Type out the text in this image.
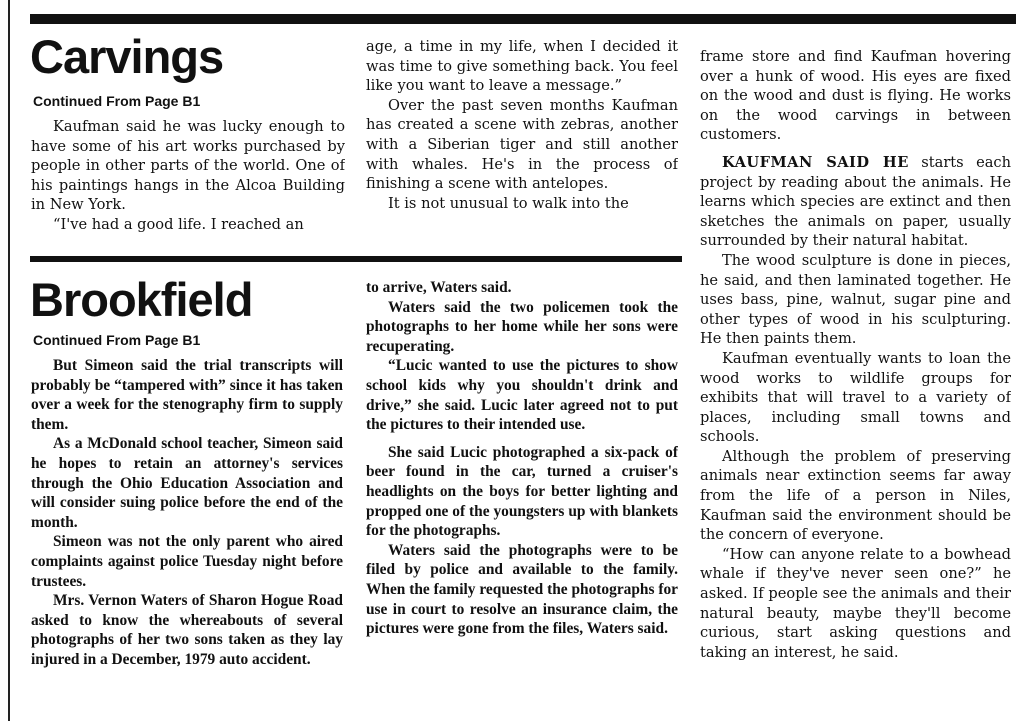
Carvings

Continued From Page B1

Kaufman said he was lucky enough to have some of his art works purchased by people in other parts of the world. One of his paintings hangs in the Alcoa Building in New York.

“I've had a good life. I reached an

age, a time in my life, when I decided it was time to give something back. You feel like you want to leave a message.”

Over the past seven months Kaufman has created a scene with zebras, another with a Siberian tiger and still another with whales. He's in the process of finishing a scene with antelopes.

It is not unusual to walk into the

frame store and find Kaufman hovering over a hunk of wood. His eyes are fixed on the wood and dust is flying. He works on the wood carvings in between customers.

KAUFMAN SAID HE starts each project by reading about the animals. He learns which species are extinct and then sketches the animals on paper, usually surrounded by their natural habitat.

The wood sculpture is done in pieces, he said, and then laminated together. He uses bass, pine, walnut, sugar pine and other types of wood in his sculpturing. He then paints them.

Kaufman eventually wants to loan the wood works to wildlife groups for exhibits that will travel to a variety of places, including small towns and schools.

Although the problem of preserving animals near extinction seems far away from the life of a person in Niles, Kaufman said the environment should be the concern of everyone.

“How can anyone relate to a bowhead whale if they've never seen one?” he asked. If people see the animals and their natural beauty, maybe they'll become curious, start asking questions and taking an interest, he said.

Brookfield

Continued From Page B1

But Simeon said the trial transcripts will probably be “tampered with” since it has taken over a week for the stenography firm to supply them.

As a McDonald school teacher, Simeon said he hopes to retain an attorney's services through the Ohio Education Association and will consider suing police before the end of the month.

Simeon was not the only parent who aired complaints against police Tuesday night before trustees.

Mrs. Vernon Waters of Sharon Hogue Road asked to know the whereabouts of several photographs of her two sons taken as they lay injured in a December, 1979 auto accident.

to arrive, Waters said.

Waters said the two policemen took the photographs to her home while her sons were recuperating.

“Lucic wanted to use the pictures to show school kids why you shouldn't drink and drive,” she said. Lucic later agreed not to put the pictures to their intended use.

She said Lucic photographed a six-pack of beer found in the car, turned a cruiser's headlights on the boys for better lighting and propped one of the youngsters up with blankets for the photographs.

Waters said the photographs were to be filed by police and available to the family. When the family requested the photographs for use in court to resolve an insurance claim, the pictures were gone from the files, Waters said.
